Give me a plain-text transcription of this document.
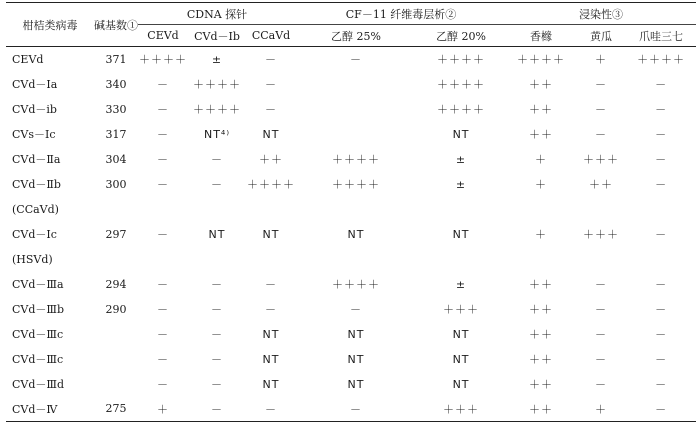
柑桔类病毒	碱基数①	CDNA 探针			CF－11 纤维毒层析②		浸染性③		
		CEVd	CVd－Ib	CCaVd	乙醇 25%	乙醇 20%	香橼	黄瓜	爪哇三七
CEVd	371	＋＋＋＋	±	－	－	＋＋＋＋	＋＋＋＋	＋	＋＋＋＋
CVd－Ia	340	－	＋＋＋＋	－		＋＋＋＋	＋＋	－	－
CVd－ib	330	－	＋＋＋＋	－		＋＋＋＋	＋＋	－	－
CVs－Ⅰc	317	－	NT⁴⁾	NT		NT	＋＋	－	－
CVd－Ⅱa	304	－	－	＋＋	＋＋＋＋	±	＋	＋＋＋	－
CVd－Ⅱb	300	－	－	＋＋＋＋	＋＋＋＋	±	＋	＋＋	－
(CCaVd)									
CVd－Ⅰc	297	－	NT	NT	NT	NT	＋	＋＋＋	－
(HSVd)									
CVd－Ⅲa	294	－	－	－	＋＋＋＋	±	＋＋	－	－
CVd－Ⅲb	290	－	－	－	－	＋＋＋	＋＋	－	－
CVd－Ⅲc		－	－	NT	NT	NT	＋＋	－	－
CVd－Ⅲc		－	－	NT	NT	NT	＋＋	－	－
CVd－Ⅲd		－	－	NT	NT	NT	＋＋	－	－
CVd－Ⅳ	275	＋	－	－	－	＋＋＋	＋＋	＋	－
